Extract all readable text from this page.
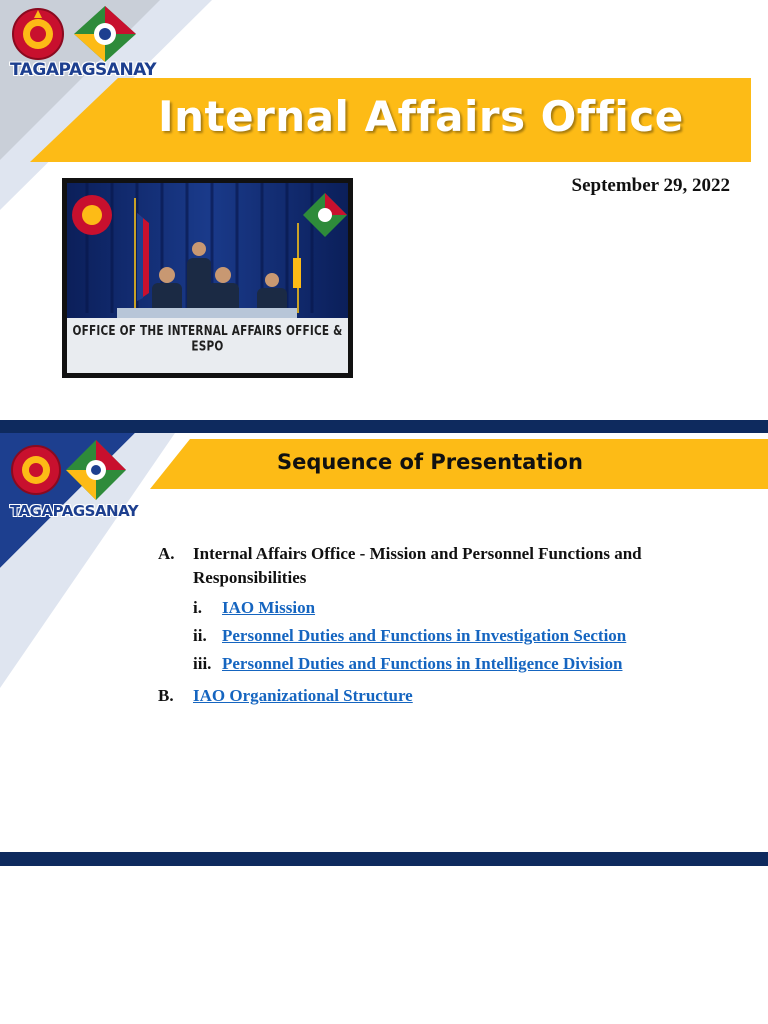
Internal Affairs Office
TAGAPAGSANAY
September 29, 2022
OFFICE OF THE INTERNAL AFFAIRS OFFICE & ESPO
Sequence of Presentation
TAGAPAGSANAY
A.	Internal Affairs Office - Mission and Personnel Functions and Responsibilities
i.	IAO Mission
ii. Personnel Duties and Functions in Investigation Section
iii. Personnel Duties and Functions in Intelligence Division
B.	IAO Organizational Structure
